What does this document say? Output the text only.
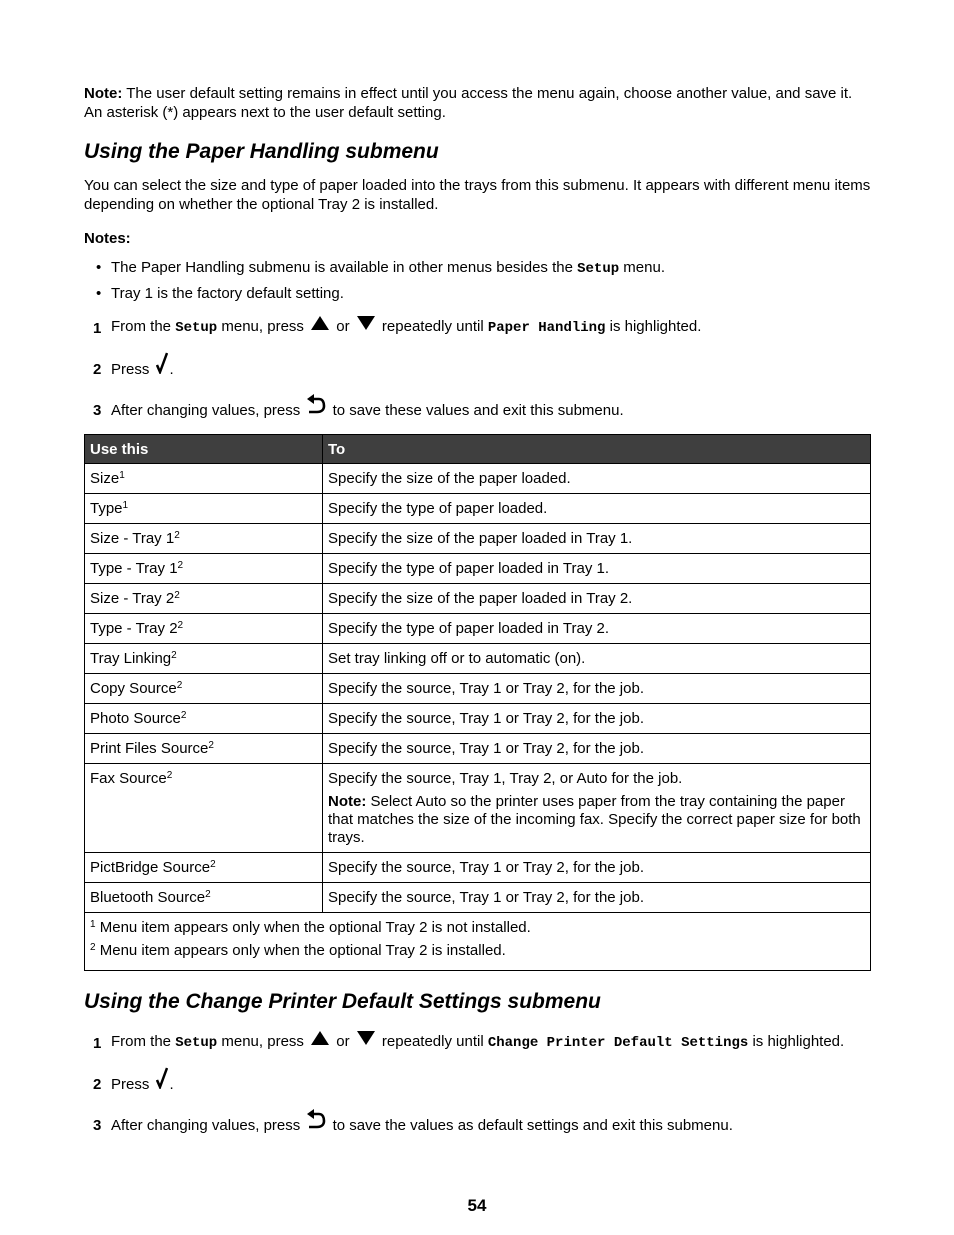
Note: The user default setting remains in effect until you access the menu again, choose another value, and save it. An asterisk (*) appears next to the user default setting.

Using the Paper Handling submenu

You can select the size and type of paper loaded into the trays from this submenu. It appears with different menu items depending on whether the optional Tray 2 is installed.

Notes:

• The Paper Handling submenu is available in other menus besides the Setup menu.
• Tray 1 is the factory default setting.
1 From the Setup menu, press
or
repeatedly until Paper Handling is highlighted.
2 Press
.
3 After changing values, press
to save these values and exit this submenu.
Use this	To
Size$^1$	Specify the size of the paper loaded.
Type$^1$	Specify the type of paper loaded.
Size - Tray $1^2$	Specify the size of the paper loaded in Tray 1.
Type - Tray $1^2$	Specify the type of paper loaded in Tray 1.
Size - Tray $2^2$	Specify the size of the paper loaded in Tray 2.
Type - Tray $2^2$	Specify the type of paper loaded in Tray 2.
Tray Linking$^2$	Set tray linking off or to automatic (on).
Copy Source$^2$	Specify the source, Tray 1 or Tray 2, for the job.
Photo Source$^2$	Specify the source, Tray 1 or Tray 2, for the job.
Print Files Source$^2$	Specify the source, Tray 1 or Tray 2, for the job.
Fax Source$^2$	Specify the source, Tray 1, Tray 2, or Auto for the job.

Note: Select Auto so the printer uses paper from the tray containing the paper that matches the size of the incoming fax. Specify the correct paper size for both trays.

PictBridge Source$^2$	Specify the source, Tray 1 or Tray 2, for the job.
Bluetooth Source$^2$	Specify the source, Tray 1 or Tray 2, for the job.

$^1$ Menu item appears only when the optional Tray 2 is not installed.

$^2$ Menu item appears only when the optional Tray 2 is installed.	

Using the Change Printer Default Settings submenu
1 From the Setup menu, press
or
repeatedly until Change Printer Default Settings is highlighted.
2 Press
.
3 After changing values, press
to save the values as default settings and exit this submenu.
54
